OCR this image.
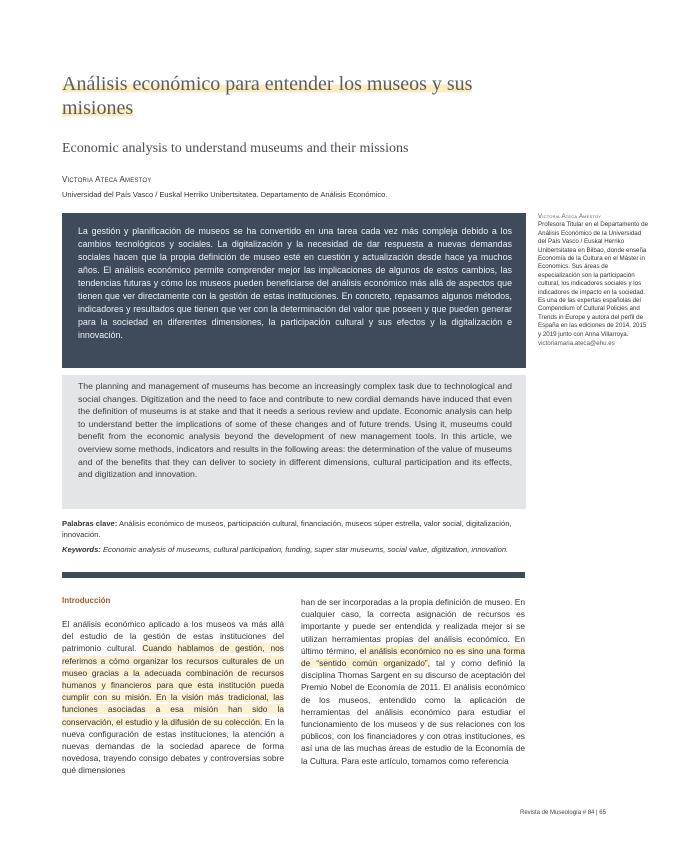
Análisis económico para entender los museos y sus misiones
Economic analysis to understand museums and their missions
Victoria Ateca Amestoy
Universidad del País Vasco / Euskal Herriko Unibertsitatea. Departamento de Análisis Económico.
La gestión y planificación de museos se ha convertido en una tarea cada vez más compleja debido a los cambios tecnológicos y sociales. La digitalización y la necesidad de dar respuesta a nuevas demandas sociales hacen que la propia definición de museo esté en cuestión y actualización desde hace ya muchos años. El análisis económico permite comprender mejor las implicaciones de algunos de estos cambios, las tendencias futuras y cómo los museos pueden beneficiarse del análisis económico más allá de aspectos que tienen que ver directamente con la gestión de estas instituciones. En concreto, repasamos algunos métodos, indicadores y resultados que tienen que ver con la determinación del valor que poseen y que pueden generar para la sociedad en diferentes dimensiones, la participación cultural y sus efectos y la digitalización e innovación.
The planning and management of museums has become an increasingly complex task due to technological and social changes. Digitization and the need to face and contribute to new cordial demands have induced that even the definition of museums is at stake and that it needs a serious review and update. Economic analysis can help to understand better the implications of some of these changes and of future trends. Using it, museums could benefit from the economic analysis beyond the development of new management tools. In this article, we overview some methods, indicators and results in the following areas: the determination of the value of museums and of the benefits that they can deliver to society in different dimensions, cultural participation and its effects, and digitization and innovation.
Victoria Ateca Amestoy
Profesora Titular en el Departamento de Análisis Económico de la Universidad del País Vasco / Euskal Herriko Unibertsitatea en Bilbao, donde enseña Economía de la Cultura en el Máster in Economics. Sus áreas de especialización son la participación cultural, los indicadores sociales y los indicadores de impacto en la sociedad. Es una de las expertas españolas del Compendium of Cultural Policies and Trends in Europe y autora del perfil de España en las ediciones de 2014, 2015 y 2019 junto con Anna Villarroya.
victoriamaria.ateca@ehu.es
Palabras clave: Análisis económico de museos, participación cultural, financiación, museos súper estrella, valor social, digitalización, innovación.
Keywords: Economic analysis of museums, cultural participation, funding, super star museums, social value, digitization, innovation.
Introducción
El análisis económico aplicado a los museos va más allá del estudio de la gestión de estas instituciones del patrimonio cultural. Cuando hablamos de gestión, nos referimos a cómo organizar los recursos culturales de un museo gracias a la adecuada combinación de recursos humanos y financieros para que esta institución pueda cumplir con su misión. En la visión más tradicional, las funciones asociadas a esa misión han sido la conservación, el estudio y la difusión de su colección. En la nueva configuración de estas instituciones, la atención a nuevas demandas de la sociedad aparece de forma novedosa, trayendo consigo debates y controversias sobre qué dimensiones
han de ser incorporadas a la propia definición de museo. En cualquier caso, la correcta asignación de recursos es importante y puede ser entendida y realizada mejor si se utilizan herramientas propias del análisis económico. En último término, el análisis económico no es sino una forma de “sentido común organizado”, tal y como definió la disciplina Thomas Sargent en su discurso de aceptación del Premio Nobel de Economía de 2011. El análisis económico de los museos, entendido como la aplicación de herramientas del análisis económico para estudiar el funcionamiento de los museos y de sus relaciones con los públicos, con los financiadores y con otras instituciones, es así una de las muchas áreas de estudio de la Economía de la Cultura. Para este artículo, tomamos como referencia
Revista de Museología # 84 | 65
